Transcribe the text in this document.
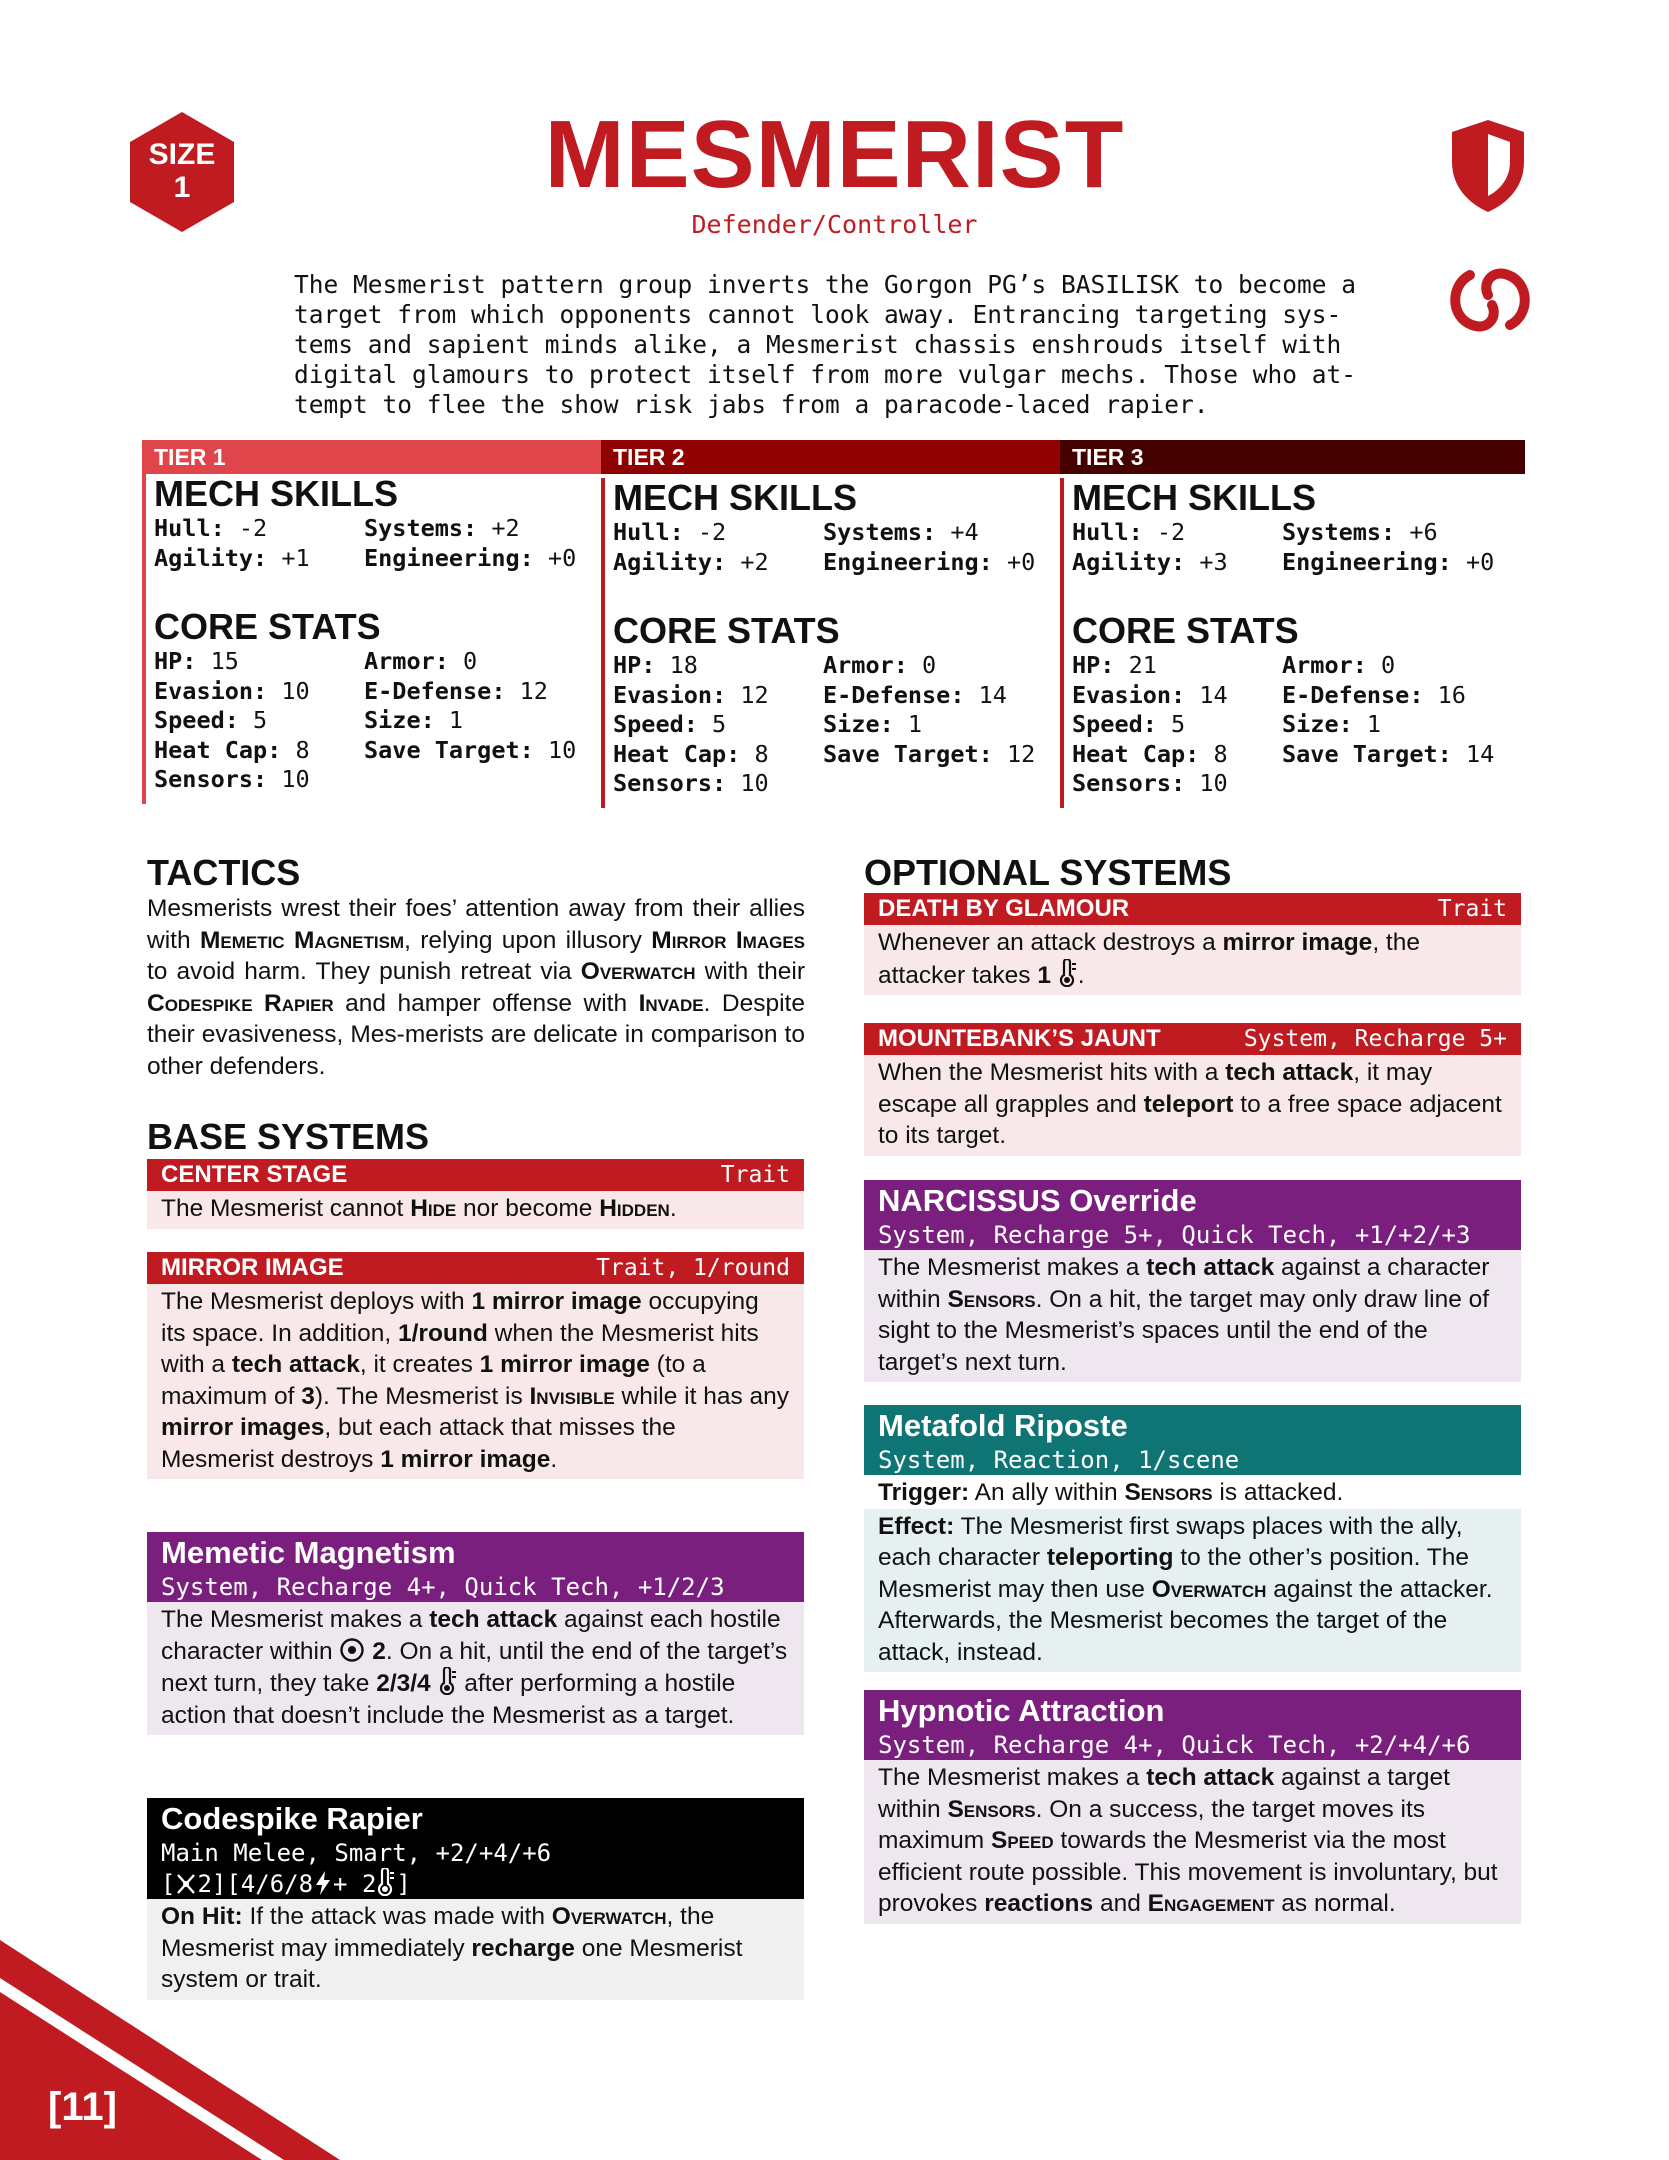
SIZE
1	MESMERIST
Defender/Controller
The Mesmerist pattern group inverts the Gorgon PG’s BASILISK to become a
target from which opponents cannot look away. Entrancing targeting sys-
tems and sapient minds alike, a Mesmerist chassis enshrouds itself with
digital glamours to protect itself from more vulgar mechs. Those who at-
tempt to flee the show risk jabs from a paracode-laced rapier.
TIER 1	TIER 2	TIER 3
MECH SKILLS
Hull: -2	Systems: +2
Agility: +1	Engineering: +0
CORE STATS
HP: 15	Armor: 0
Evasion: 10	E-Defense: 12
Speed: 5	Size: 1
Heat Cap: 8	Save Target: 10
Sensors: 10
MECH SKILLS
Hull: -2	Systems: +4
Agility: +2	Engineering: +0
CORE STATS
HP: 18	Armor: 0
Evasion: 12	E-Defense: 14
Speed: 5	Size: 1
Heat Cap: 8	Save Target: 12
Sensors: 10
MECH SKILLS
Hull: -2	Systems: +6
Agility: +3	Engineering: +0
CORE STATS
HP: 21	Armor: 0
Evasion: 14	E-Defense: 16
Speed: 5	Size: 1
Heat Cap: 8	Save Target: 14
Sensors: 10
TACTICS
Mesmerists wrest their foes’ attention away from their allies with Memetic Magnetism, relying upon illusory Mirror Images to avoid harm. They punish retreat via Overwatch with their Codespike Rapier and hamper offense with Invade. Despite their evasiveness, Mes-merists are delicate in comparison to other defenders.
BASE SYSTEMS
CENTER STAGE	Trait
The Mesmerist cannot Hide nor become Hidden.
MIRROR IMAGE	Trait, 1/round
The Mesmerist deploys with 1 mirror image occupying its space. In addition, 1/round when the Mesmerist hits with a tech attack, it creates 1 mirror image (to a maximum of 3). The Mesmerist is Invisible while it has any mirror images, but each attack that misses the Mesmerist destroys 1 mirror image.
Memetic Magnetism
System, Recharge 4+, Quick Tech, +1/2/3
The Mesmerist makes a tech attack against each hostile character within  2. On a hit, until the end of the target’s next turn, they take 2/3/4  after performing a hostile action that doesn’t include the Mesmerist as a target.
Codespike Rapier
Main Melee, Smart, +2/+4/+6
[ 2][4/6/8 + 2 ]
On Hit: If the attack was made with Overwatch, the Mesmerist may immediately recharge one Mesmerist system or trait.
OPTIONAL SYSTEMS
DEATH BY GLAMOUR	Trait
Whenever an attack destroys a mirror image, the attacker takes 1 .
MOUNTEBANK’S JAUNT	System, Recharge 5+
When the Mesmerist hits with a tech attack, it may escape all grapples and teleport to a free space adjacent to its target.
NARCISSUS Override
System, Recharge 5+, Quick Tech, +1/+2/+3
The Mesmerist makes a tech attack against a character within Sensors. On a hit, the target may only draw line of sight to the Mesmerist’s spaces until the end of the target’s next turn.
Metafold Riposte
System, Reaction, 1/scene
Trigger: An ally within Sensors is attacked.
Effect: The Mesmerist first swaps places with the ally, each character teleporting to the other’s position. The Mesmerist may then use Overwatch against the attacker. Afterwards, the Mesmerist becomes the target of the attack, instead.
Hypnotic Attraction
System, Recharge 4+, Quick Tech, +2/+4/+6
The Mesmerist makes a tech attack against a target within Sensors. On a success, the target moves its maximum Speed towards the Mesmerist via the most efficient route possible. This movement is involuntary, but provokes reactions and Engagement as normal.
[11]
